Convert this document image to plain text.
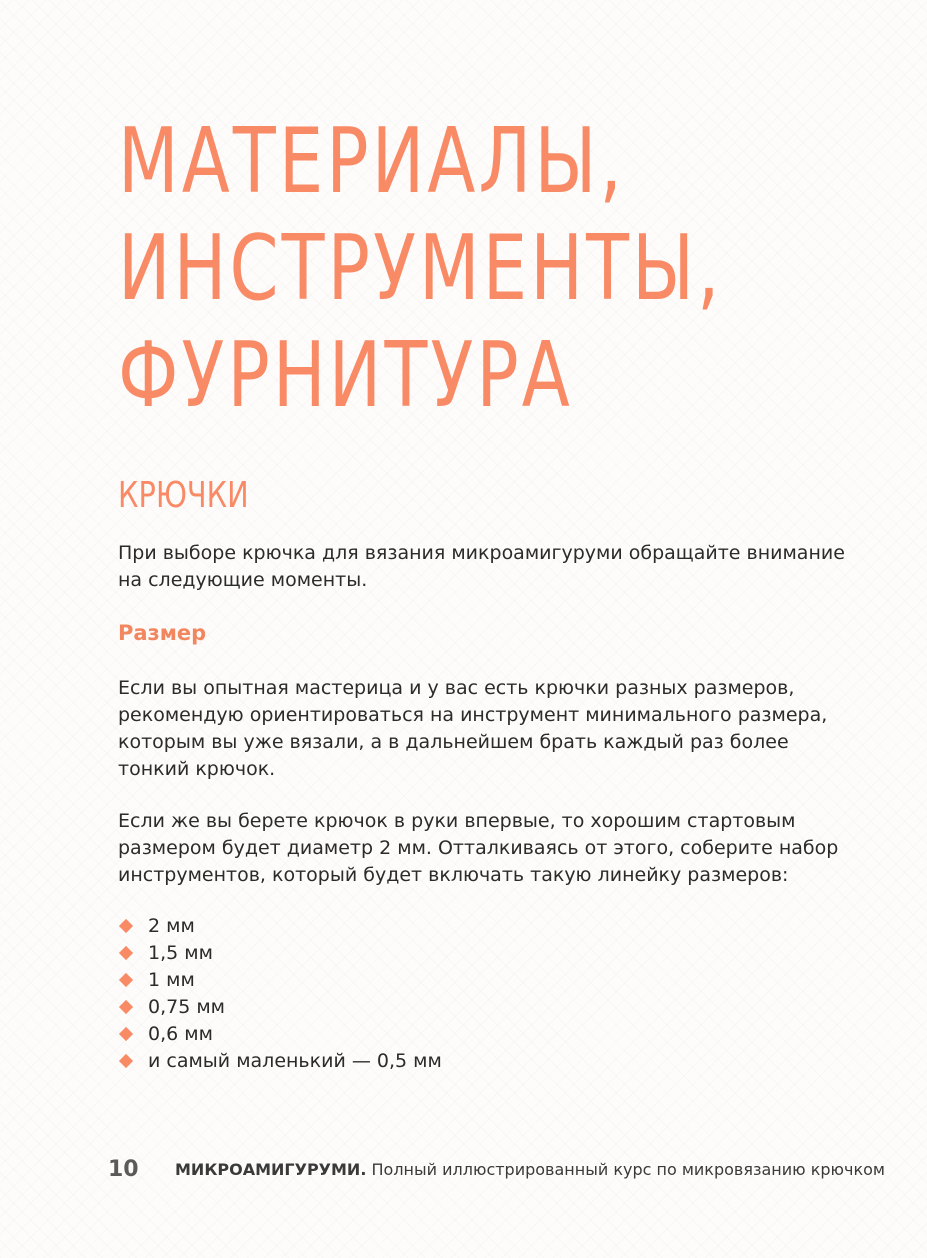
МАТЕРИАЛЫ,
ИНСТРУМЕНТЫ,
ФУРНИТУРА
КРЮЧКИ

При выборе крючка для вязания микроамигуруми обращайте внимание на следующие моменты.

Размер

Если вы опытная мастерица и у вас есть крючки разных размеров, рекомендую ориентироваться на инструмент минимального размера, которым вы уже вязали, а в дальнейшем брать каждый раз более тонкий крючок.

Если же вы берете крючок в руки впервые, то хорошим стартовым размером будет диаметр 2 мм. Отталкиваясь от этого, соберите набор инструментов, который будет включать такую линейку размеров:

2 мм
1,5 мм
1 мм
0,75 мм
0,6 мм
и самый маленький — 0,5 мм
10 МИКРОАМИГУРУМИ. Полный иллюстрированный курс по микровязанию крючком
